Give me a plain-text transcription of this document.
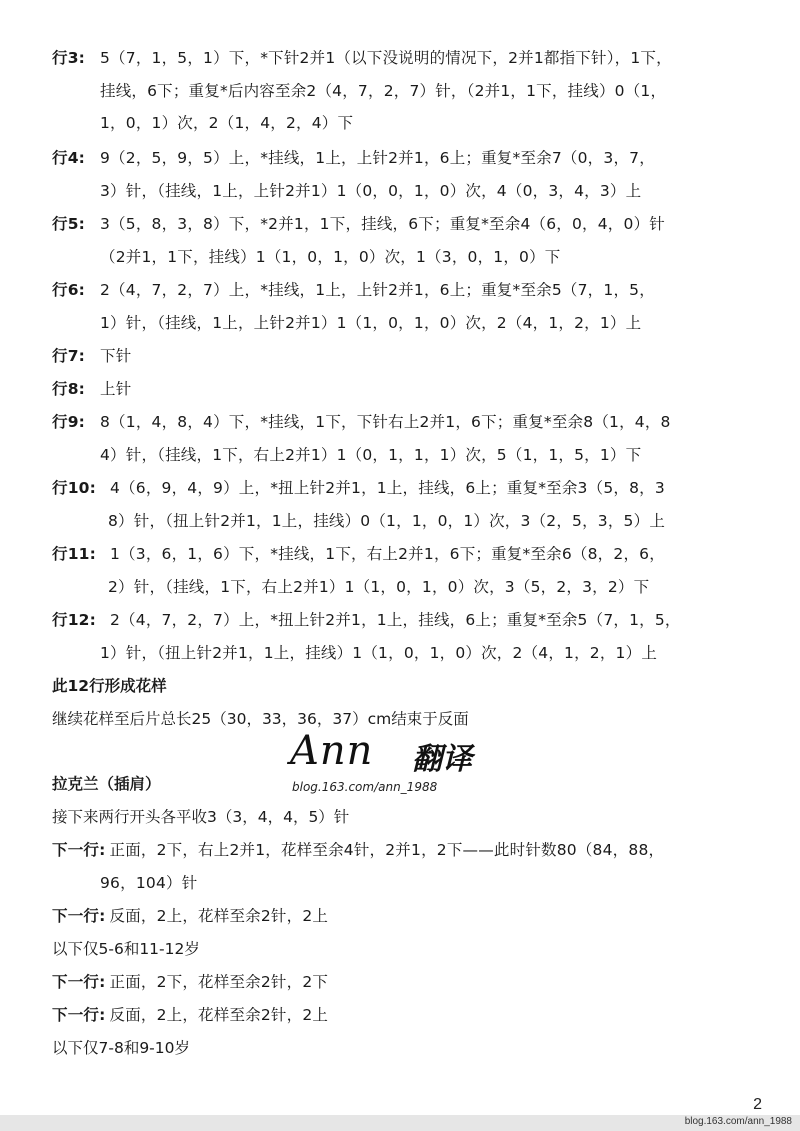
行3: 5（7，1，5，1）下，*下针2并1（以下没说明的情况下，2并1都指下针），1下，
挂线，6下；重复*后内容至余2（4，7，2，7）针，（2并1，1下，挂线）0（1，
1，0，1）次，2（1，4，2，4）下
行4: 9（2，5，9，5）上，*挂线，1上，上针2并1，6上；重复*至余7（0，3，7，
3）针，（挂线，1上，上针2并1）1（0，0，1，0）次，4（0，3，4，3）上
行5: 3（5，8，3，8）下，*2并1，1下，挂线，6下；重复*至余4（6，0，4，0）针
（2并1，1下，挂线）1（1，0，1，0）次，1（3，0，1，0）下
行6: 2（4，7，2，7）上，*挂线，1上，上针2并1，6上；重复*至余5（7，1，5，
1）针，（挂线，1上，上针2并1）1（1，0，1，0）次，2（4，1，2，1）上
行7: 下针
行8: 上针
行9: 8（1，4，8，4）下，*挂线，1下，下针右上2并1，6下；重复*至余8（1，4，8
4）针，（挂线，1下，右上2并1）1（0，1，1，1）次，5（1，1，5，1）下
行10: 4（6，9，4，9）上，*扭上针2并1，1上，挂线，6上；重复*至余3（5，8，3
8）针，（扭上针2并1，1上，挂线）0（1，1，0，1）次，3（2，5，3，5）上
行11: 1（3，6，1，6）下，*挂线，1下，右上2并1，6下；重复*至余6（8，2，6，
2）针，（挂线，1下，右上2并1）1（1，0，1，0）次，3（5，2，3，2）下
行12: 2（4，7，2，7）上，*扭上针2并1，1上，挂线，6上；重复*至余5（7，1，5，
1）针，（扭上针2并1，1上，挂线）1（1，0，1，0）次，2（4，1，2，1）上
此12行形成花样
继续花样至后片总长25（30，33，36，37）cm结束于反面
Ann 翻译
blog.163.com/ann_1988
拉克兰（插肩）
接下来两行开头各平收3（3，4，4，5）针
下一行: 正面，2下，右上2并1，花样至余4针，2并1，2下——此时针数80（84，88，
96，104）针
下一行: 反面，2上，花样至余2针，2上
以下仅5-6和11-12岁
下一行: 正面，2下，花样至余2针，2下
下一行: 反面，2上，花样至余2针，2上
以下仅7-8和9-10岁
2
blog.163.com/ann_1988
